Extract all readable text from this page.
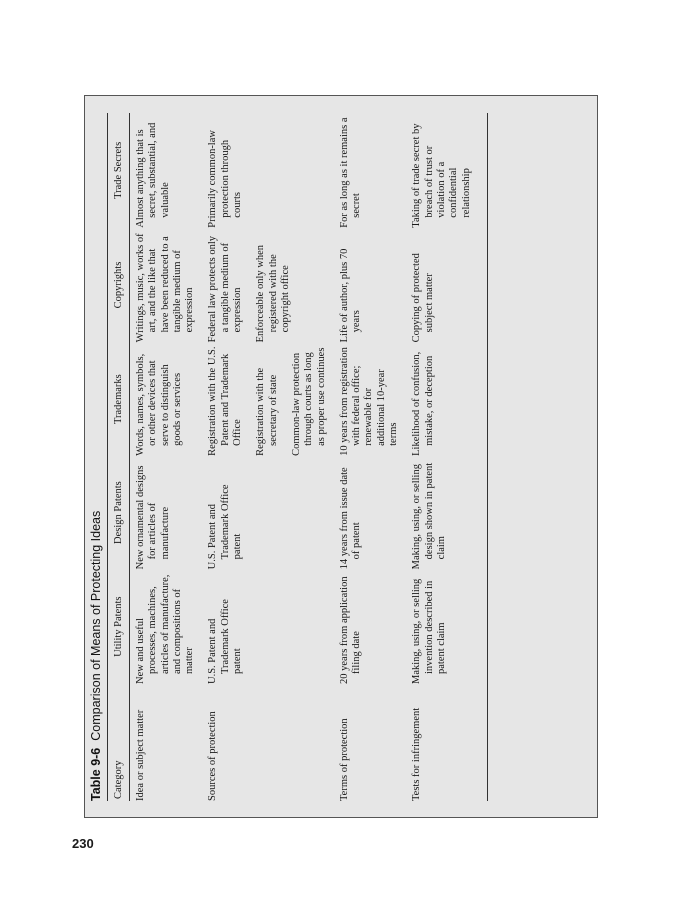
230
Table 9-6Comparison of Means of Protecting Ideas
Category	Utility Patents	Design Patents	Trademarks	Copyrights	Trade Secrets

Idea or subject matter	New and useful processes, machines, articles of manufacture, and compositions of matter	New ornamental designs for articles of manufacture	Words, names, symbols, or other devices that serve to distinguish goods or services	Writings, music, works of art, and the like that have been reduced to a tangible medium of expression	Almost anything that is secret, substantial, and valuable

Sources of protection	U.S. Patent and Trademark Office patent	U.S. Patent and Trademark Office patent	Registration with the U.S. Patent and Trademark Office Registration with the secretary of state Common-law protection through courts as long as proper use continues	Federal law protects only a tangible medium of expression Enforceable only when registered with the copyright office	Primarily common-law protection through courts

Terms of protection	20 years from application filing date	14 years from issue date of patent	10 years from registration with federal office; renewable for additional 10-year terms	Life of author, plus 70 years	For as long as it remains a secret

Tests for infringement	Making, using, or selling invention described in patent claim	Making, using, or selling design shown in patent claim	Likelihood of confusion, mistake, or deception	Copying of protected subject matter	Taking of trade secret by breach of trust or violation of a confidential relationship
